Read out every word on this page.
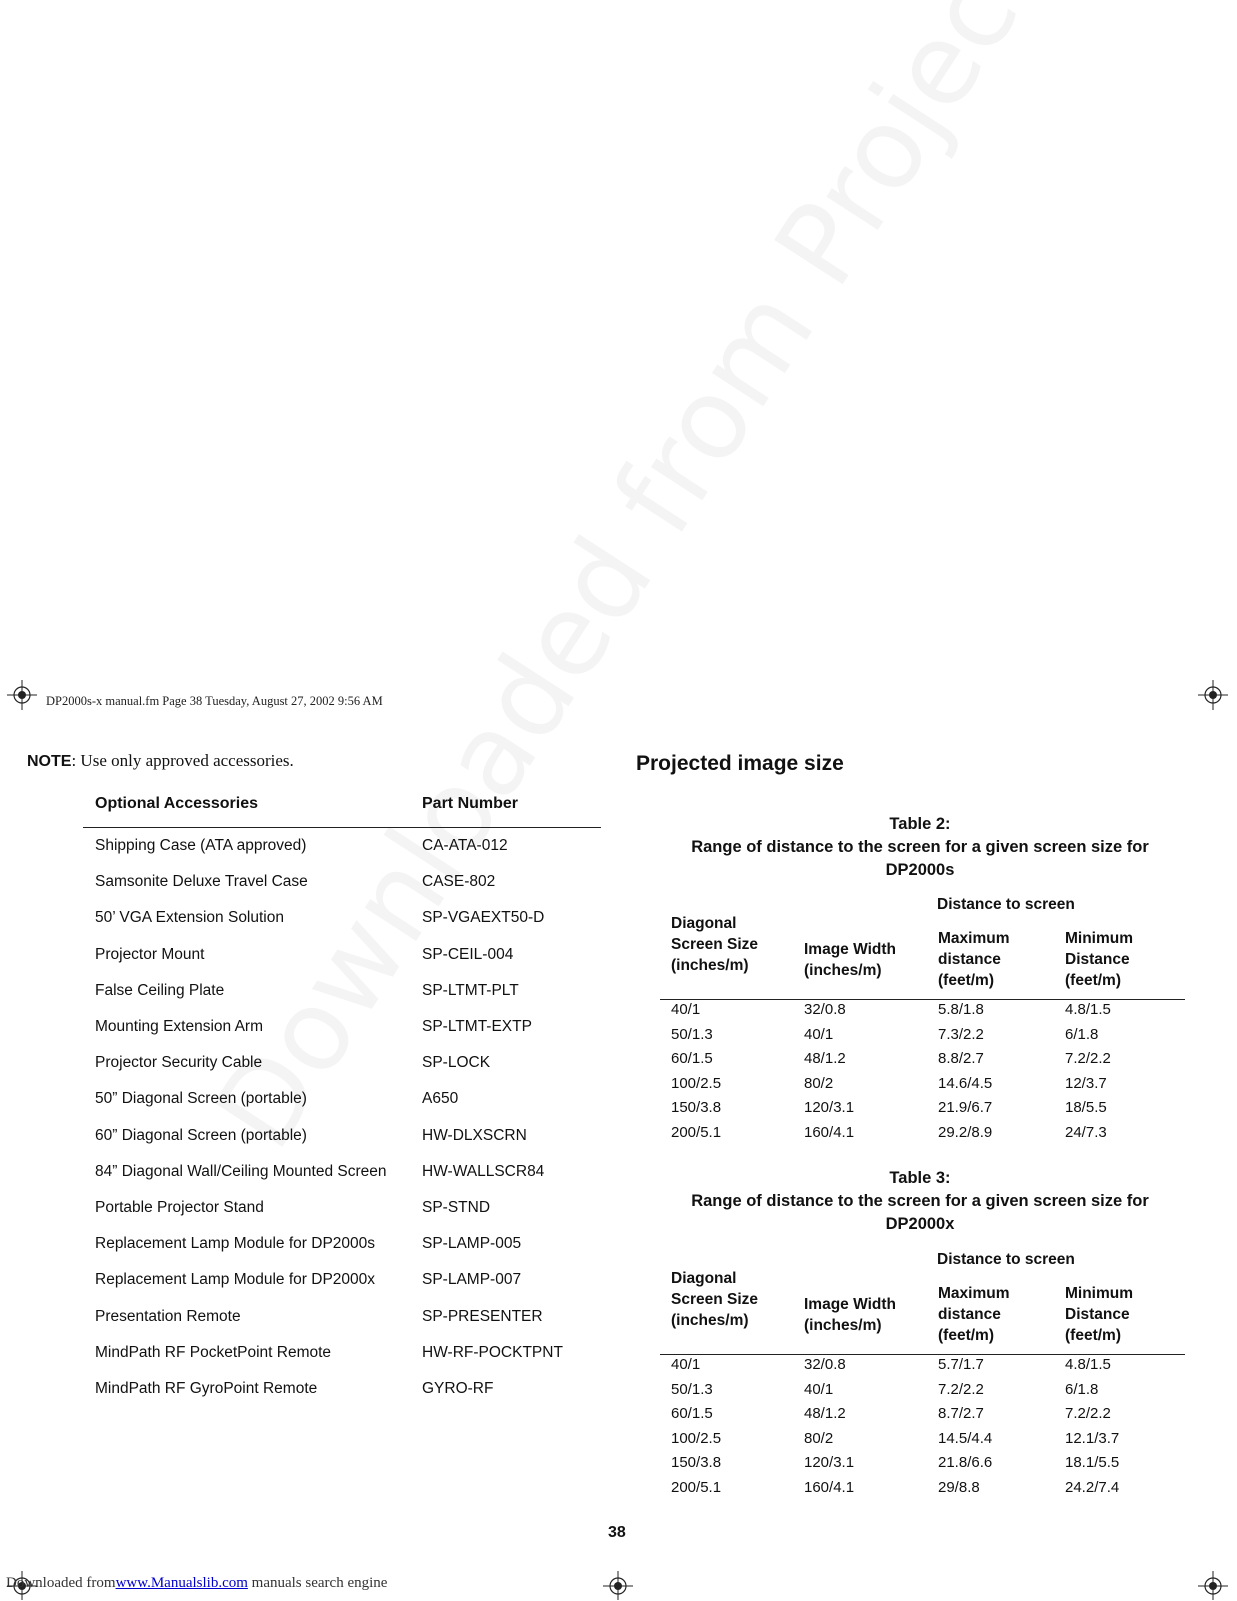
DP2000s-x manual.fm Page 38 Tuesday, August 27, 2002 9:56 AM
NOTE: Use only approved accessories.
Optional Accessories	Part Number
Shipping Case (ATA approved)	CA-ATA-012
Samsonite Deluxe Travel Case	CASE-802
50’ VGA Extension Solution	SP-VGAEXT50-D
Projector Mount	SP-CEIL-004
False Ceiling Plate	SP-LTMT-PLT
Mounting Extension Arm	SP-LTMT-EXTP
Projector Security Cable	SP-LOCK
50” Diagonal Screen (portable)	A650
60” Diagonal Screen (portable)	HW-DLXSCRN
84” Diagonal Wall/Ceiling Mounted Screen HW-WALLSCR84
Portable Projector Stand	SP-STND
Replacement Lamp Module for DP2000s	SP-LAMP-005
Replacement Lamp Module for DP2000x	SP-LAMP-007
Presentation Remote	SP-PRESENTER
MindPath RF PocketPoint Remote	HW-RF-POCKTPNT
MindPath RF GyroPoint Remote	GYRO-RF
Projected image size
Table 2:
Range of distance to the screen for a given screen size for
DP2000s
Distance to screen
Diagonal
Screen Size
(inches/m)
Image Width
(inches/m)
Maximum
distance
(feet/m)
Minimum
Distance
(feet/m)
40/1	32/0.8	5.8/1.8	4.8/1.5
50/1.3	40/1	7.3/2.2	6/1.8
60/1.5	48/1.2	8.8/2.7	7.2/2.2
100/2.5	80/2	14.6/4.5	12/3.7
150/3.8	120/3.1	21.9/6.7	18/5.5
200/5.1	160/4.1	29.2/8.9	24/7.3
Table 3:
Range of distance to the screen for a given screen size for
DP2000x
Distance to screen
Diagonal
Screen Size
(inches/m)
Image Width
(inches/m)
Maximum
distance
(feet/m)
Minimum
Distance
(feet/m)
40/1	32/0.8	5.7/1.7	4.8/1.5
50/1.3	40/1	7.2/2.2	6/1.8
60/1.5	48/1.2	8.7/2.7	7.2/2.2
100/2.5	80/2	14.5/4.4	12.1/3.7
150/3.8	120/3.1	21.8/6.6	18.1/5.5
200/5.1	160/4.1	29/8.8	24.2/7.4
38
Downloaded fromwww.Manualslib.com manuals search engine
